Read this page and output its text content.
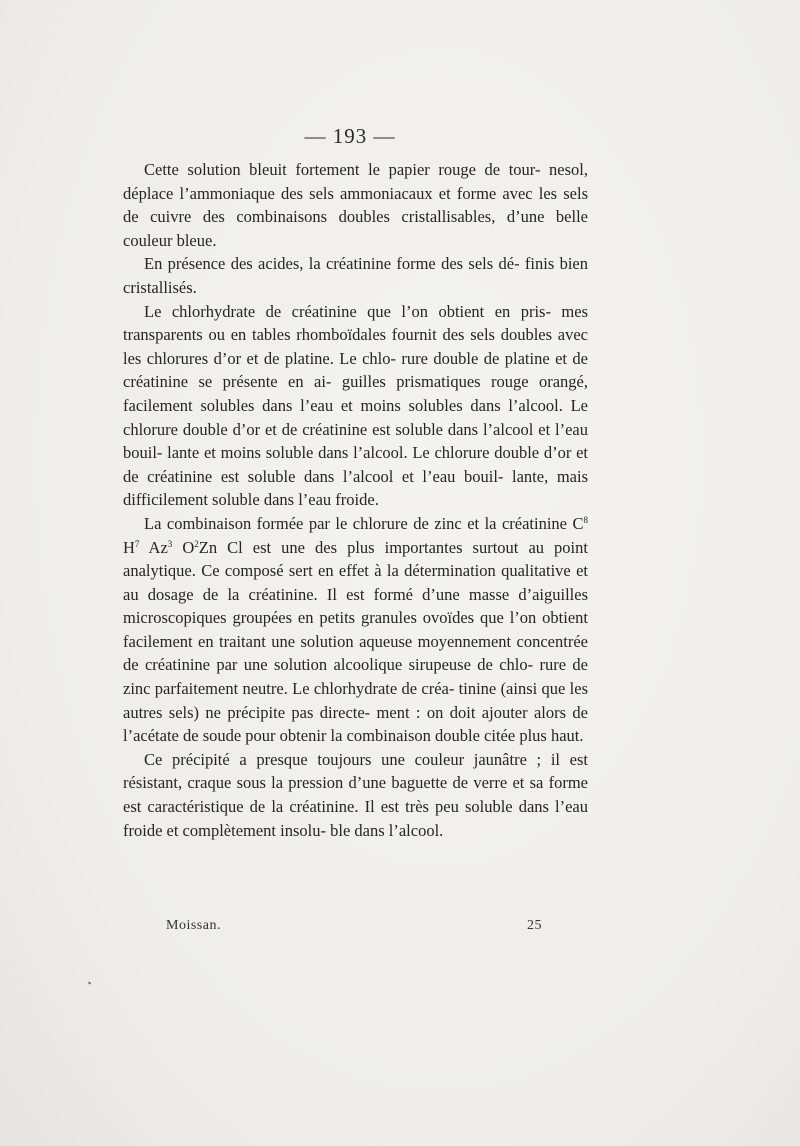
— 193 —

Cette solution bleuit fortement le papier rouge de tour- nesol, déplace l’ammoniaque des sels ammoniacaux et forme avec les sels de cuivre des combinaisons doubles cristallisables, d’une belle couleur bleue.

En présence des acides, la créatinine forme des sels dé- finis bien cristallisés.

Le chlorhydrate de créatinine que l’on obtient en pris- mes transparents ou en tables rhomboïdales fournit des sels doubles avec les chlorures d’or et de platine. Le chlo- rure double de platine et de créatinine se présente en ai- guilles prismatiques rouge orangé, facilement solubles dans l’eau et moins solubles dans l’alcool. Le chlorure double d’or et de créatinine est soluble dans l’alcool et l’eau bouil- lante et moins soluble dans l’alcool. Le chlorure double d’or et de créatinine est soluble dans l’alcool et l’eau bouil- lante, mais difficilement soluble dans l’eau froide.

La combinaison formée par le chlorure de zinc et la créatinine $C^8$ $H^7$ Az$^3$ $O^2Zn$ Cl est une des plus importantes surtout au point analytique. Ce composé sert en effet à la détermination qualitative et au dosage de la créatinine. Il est formé d’une masse d’aiguilles microscopiques groupées en petits granules ovoïdes que l’on obtient facilement en traitant une solution aqueuse moyennement concentrée de créatinine par une solution alcoolique sirupeuse de chlo- rure de zinc parfaitement neutre. Le chlorhydrate de créa- tinine (ainsi que les autres sels) ne précipite pas directe- ment : on doit ajouter alors de l’acétate de soude pour obtenir la combinaison double citée plus haut.

Ce précipité a presque toujours une couleur jaunâtre ; il est résistant, craque sous la pression d’une baguette de verre et sa forme est caractéristique de la créatinine. Il est très peu soluble dans l’eau froide et complètement insolu- ble dans l’alcool.

Moissan.	25
